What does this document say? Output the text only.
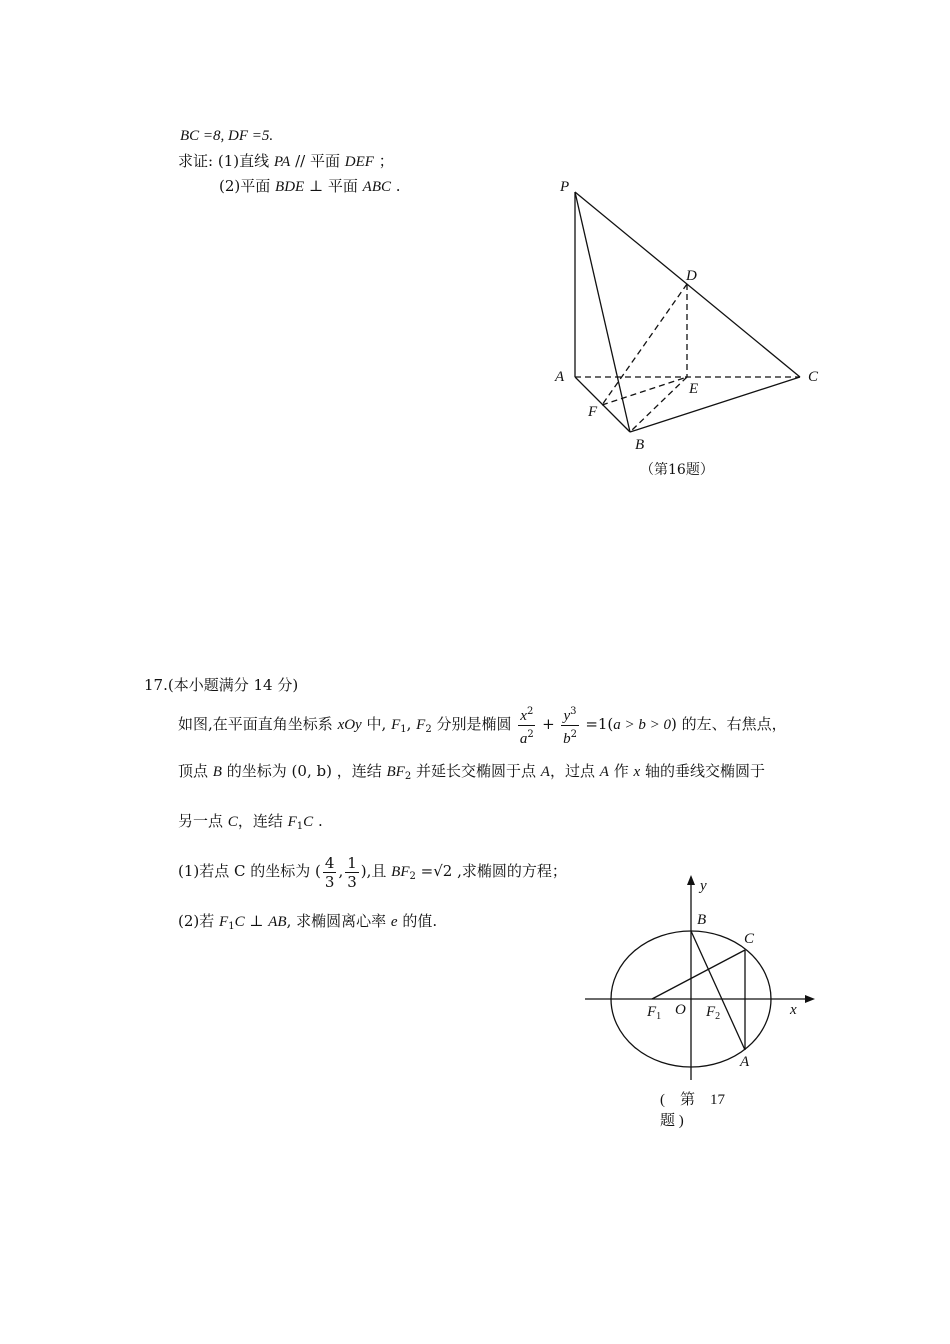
BC =8, DF =5.
求证: (1)直线 PA // 平面 DEF ；
(2)平面 BDE ⊥ 平面 ABC .	P
D
A
E
C
F
B
（第16题）
17.(本小题满分 14 分)
如图,在平面直角坐标系 xOy 中, $F_1$, $F_2$ 分别是椭圆 $\frac{x^2}{a^2} + \frac{y^3}{b^2} =1(a > b > 0)$ 的左、右焦点，
顶点 B 的坐标为 (0, b) ，连结 $BF_2$ 并延长交椭圆于点 A，过点 A 作 x 轴的垂线交椭圆于
另一点 C，连结 $F_1C$ .
(1)若点 C 的坐标为 ( $\frac{4}{3}$ , $\frac{1}{3}$ ),且 $BF_2 =√2$ ,求椭圆的方程；
(2)若 $F_1C$ ⊥ AB, 求椭圆离心率 e 的值.
y
x
B
C
O
A
$F_1$	$F_2$
(    第    17
题 )
